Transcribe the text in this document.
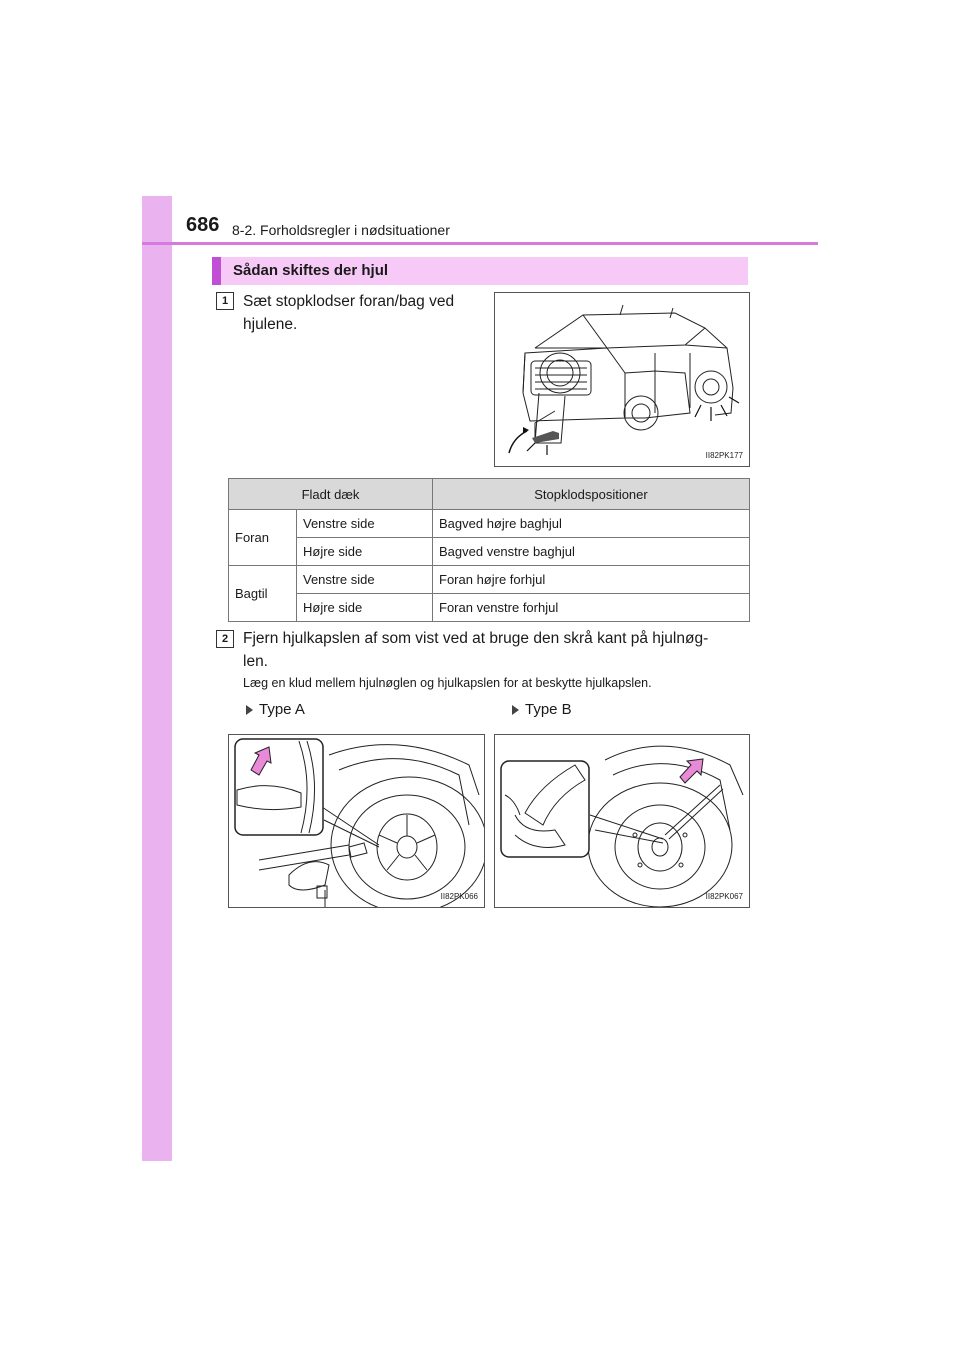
686 8-2. Forholdsregler i nødsituationer
Sådan skiftes der hjul
1 Sæt stopklodser foran/bag ved
hjulene.
II82PK177
Fladt dæk		Stopklodspositioner
Foran	Venstre side	Bagved højre baghjul
	Højre side	Bagved venstre baghjul
Bagtil	Venstre side	Foran højre forhjul
	Højre side	Foran venstre forhjul
2 Fjern hjulkapslen af som vist ved at bruge den skrå kant på hjulnøg-
len.
Læg en klud mellem hjulnøglen og hjulkapslen for at beskytte hjulkapslen.
Type A	Type B
II82PK066	II82PK067
